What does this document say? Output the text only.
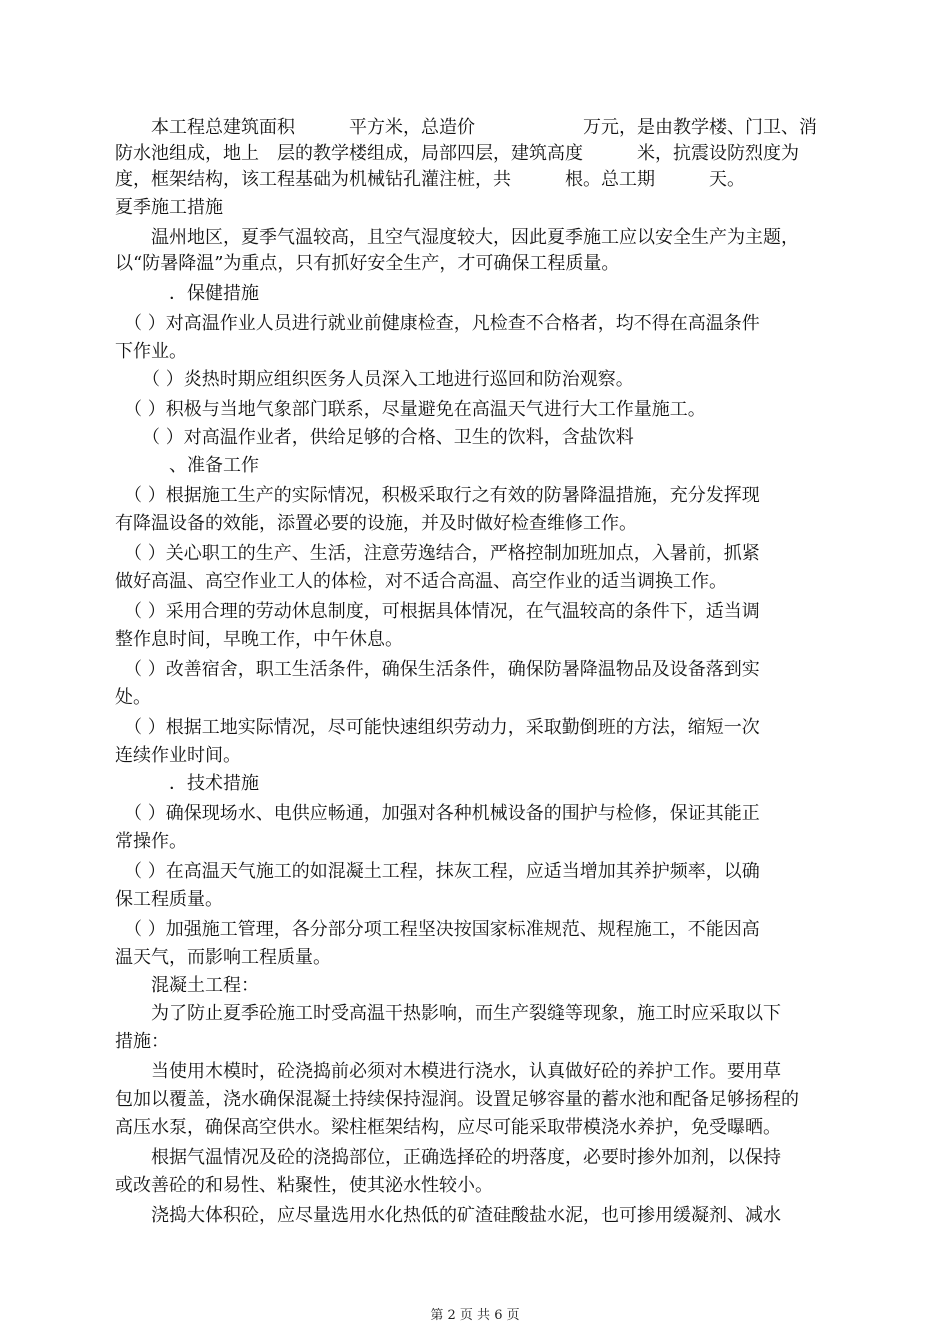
　　本工程总建筑面积　　　平方米，总造价　　　　　　万元，是由教学楼、门卫、消
防水池组成，地上　层的教学楼组成，局部四层，建筑高度　　　米，抗震设防烈度为
度，框架结构，该工程基础为机械钻孔灌注桩，共　　　根。总工期　　　天。
夏季施工措施
　　温州地区，夏季气温较高，且空气湿度较大，因此夏季施工应以安全生产为主题，
以“防暑降温”为重点，只有抓好安全生产，才可确保工程质量。
　　　．保健措施
　（ ）对高温作业人员进行就业前健康检查，凡检查不合格者，均不得在高温条件
下作业。
　　（ ）炎热时期应组织医务人员深入工地进行巡回和防治观察。
　（ ）积极与当地气象部门联系，尽量避免在高温天气进行大工作量施工。
　　（ ）对高温作业者，供给足够的合格、卫生的饮料，含盐饮料
　　　、准备工作
　（ ）根据施工生产的实际情况，积极采取行之有效的防暑降温措施，充分发挥现
有降温设备的效能，添置必要的设施，并及时做好检查维修工作。
　（ ）关心职工的生产、生活，注意劳逸结合，严格控制加班加点，入暑前，抓紧
做好高温、高空作业工人的体检，对不适合高温、高空作业的适当调换工作。
　（ ）采用合理的劳动休息制度，可根据具体情况，在气温较高的条件下，适当调
整作息时间，早晚工作，中午休息。
　（ ）改善宿舍，职工生活条件，确保生活条件，确保防暑降温物品及设备落到实
处。
　（ ）根据工地实际情况，尽可能快速组织劳动力，采取勤倒班的方法，缩短一次
连续作业时间。
　　　．技术措施
　（ ）确保现场水、电供应畅通，加强对各种机械设备的围护与检修，保证其能正
常操作。
　（ ）在高温天气施工的如混凝土工程，抹灰工程，应适当增加其养护频率，以确
保工程质量。
　（ ）加强施工管理，各分部分项工程坚决按国家标准规范、规程施工，不能因高
温天气，而影响工程质量。
　　混凝土工程：
　　为了防止夏季砼施工时受高温干热影响，而生产裂缝等现象，施工时应采取以下
措施：
　　当使用木模时，砼浇捣前必须对木模进行浇水，认真做好砼的养护工作。要用草
包加以覆盖，浇水确保混凝土持续保持湿润。设置足够容量的蓄水池和配备足够扬程的
高压水泵，确保高空供水。梁柱框架结构，应尽可能采取带模浇水养护，免受曝晒。
　　根据气温情况及砼的浇捣部位，正确选择砼的坍落度，必要时掺外加剂，以保持
或改善砼的和易性、粘聚性，使其泌水性较小。
　　浇捣大体积砼，应尽量选用水化热低的矿渣硅酸盐水泥，也可掺用缓凝剂、减水
第 2 页 共 6 页
